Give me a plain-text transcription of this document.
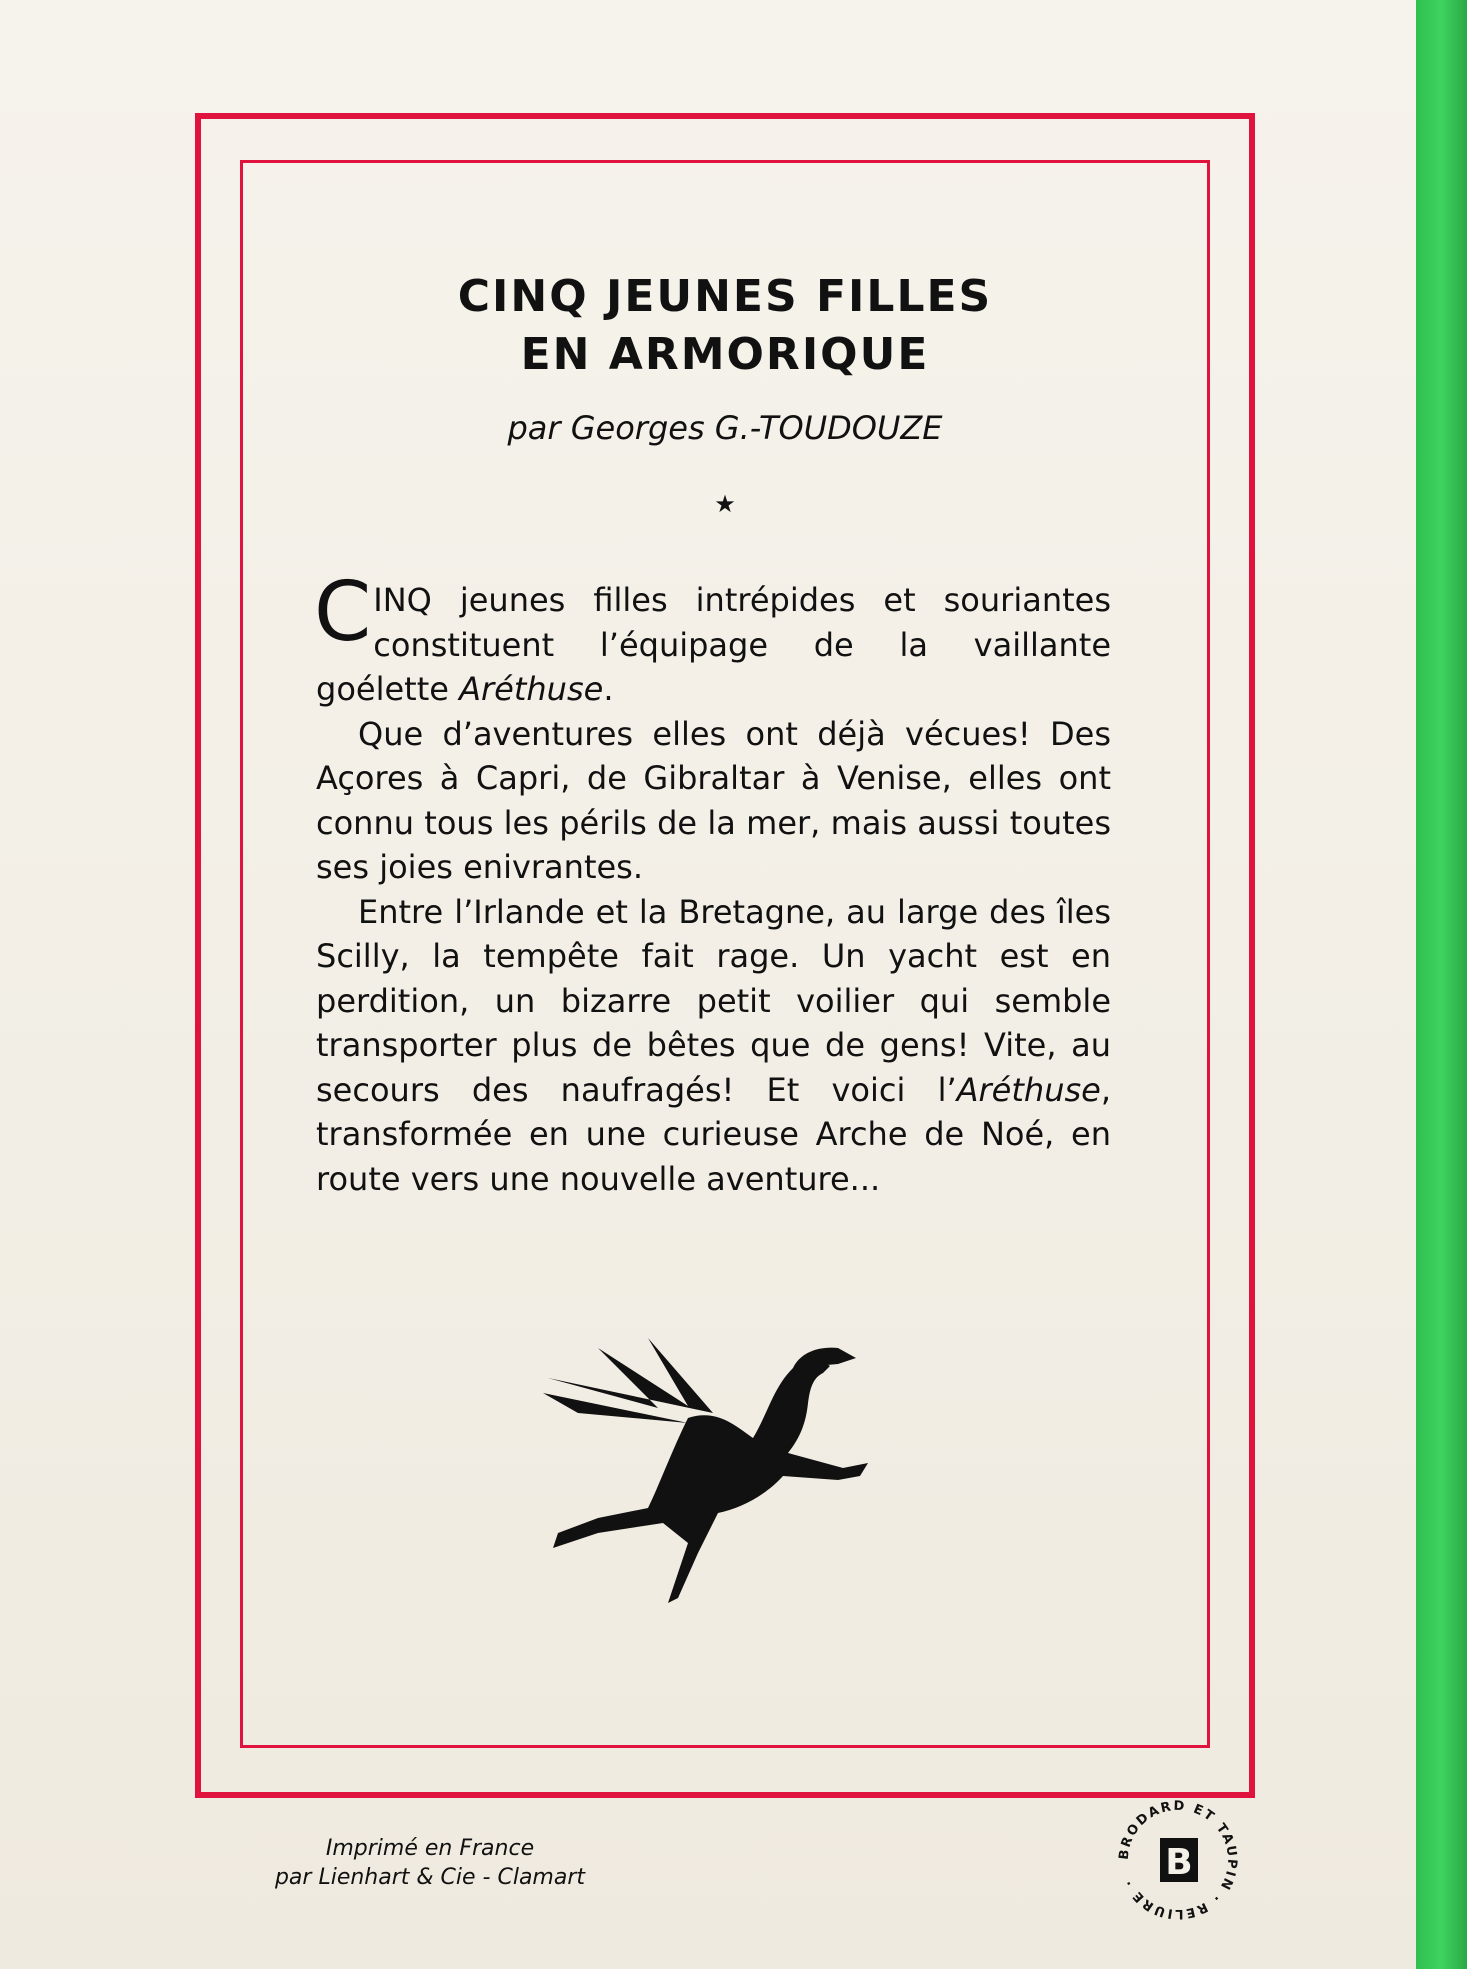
CINQ JEUNES FILLES
EN ARMORIQUE
par Georges G.-TOUDOUZE
★

CINQ jeunes filles intrépides et souriantes constituent l’équipage de la vaillante goélette Aréthuse.

Que d’aventures elles ont déjà vécues! Des Açores à Capri, de Gibraltar à Venise, elles ont connu tous les périls de la mer, mais aussi toutes ses joies enivrantes.

Entre l’Irlande et la Bretagne, au large des îles Scilly, la tempête fait rage. Un yacht est en perdition, un bizarre petit voilier qui semble transporter plus de bêtes que de gens! Vite, au secours des naufragés! Et voici l’Aréthuse, transformée en une curieuse Arche de Noé, en route vers une nouvelle aventure...

Imprimé en France
par Lienhart & Cie - Clamart
BRODARD ET TAUPIN · RELIURE · B
